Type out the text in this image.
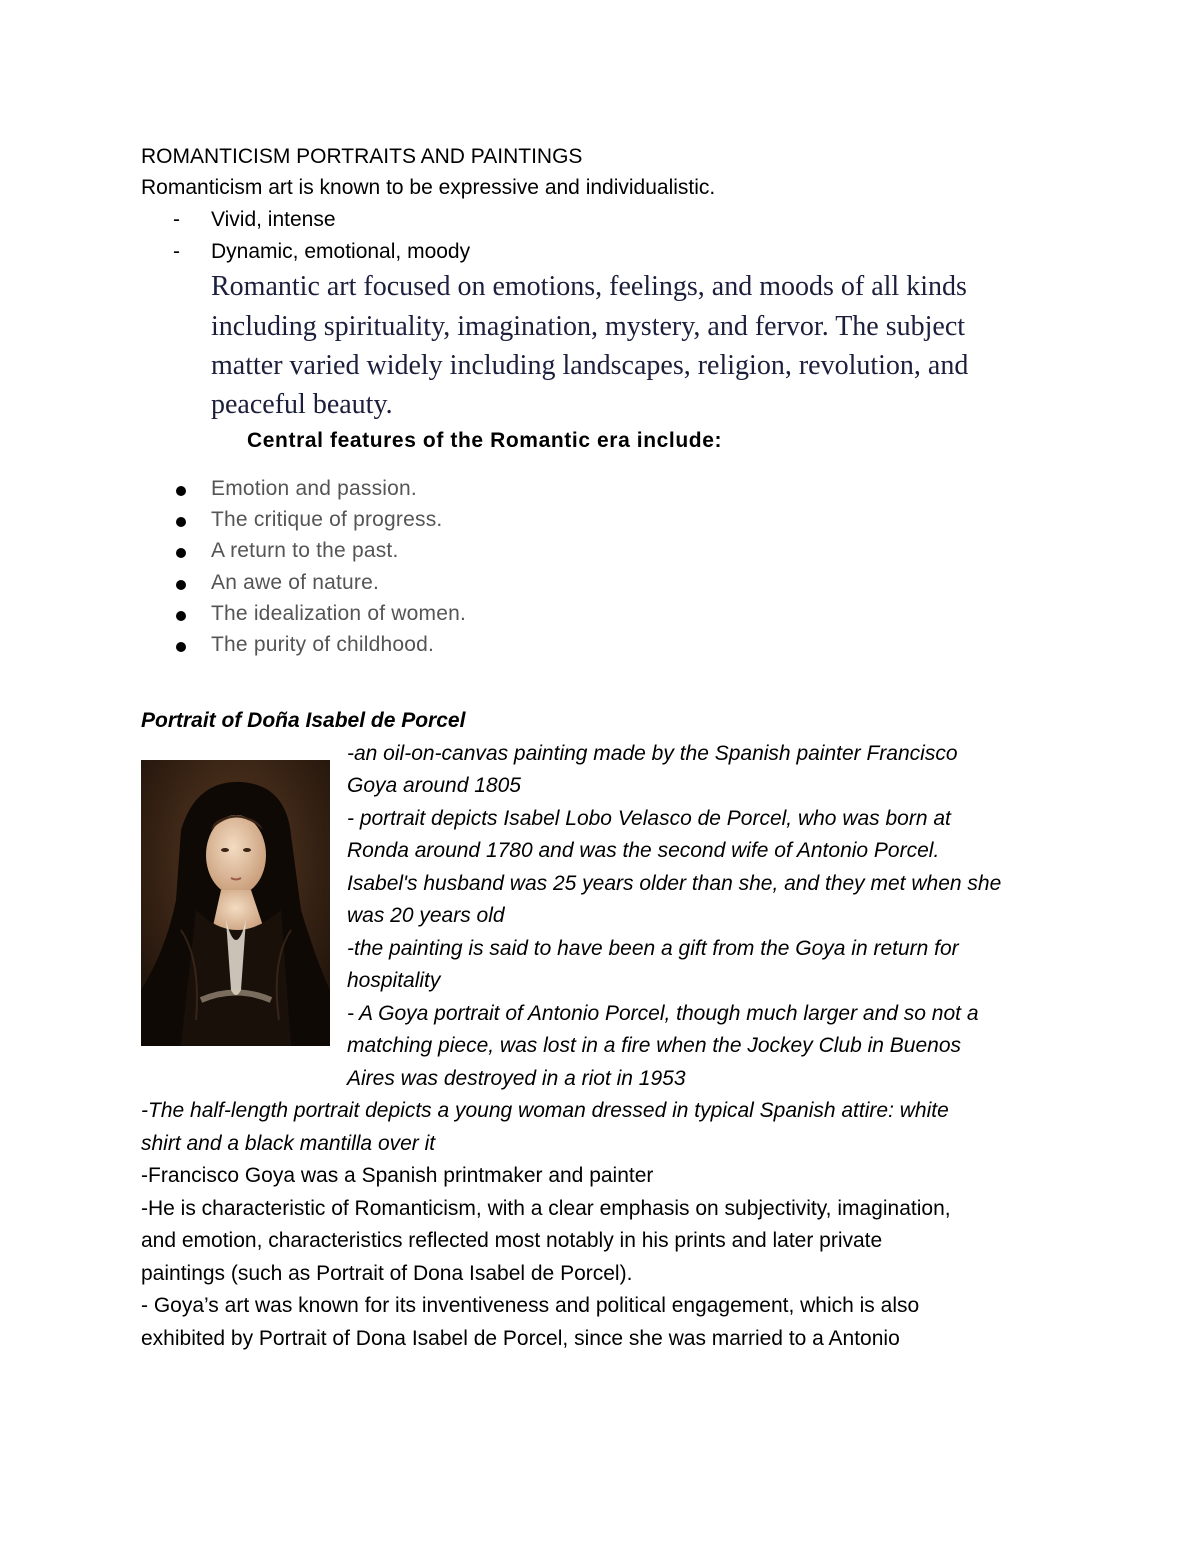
ROMANTICISM PORTRAITS AND PAINTINGS
Romanticism art is known to be expressive and individualistic.
- Vivid, intense
- Dynamic, emotional, moody
Romantic art focused on emotions, feelings, and moods of all kinds
including spirituality, imagination, mystery, and fervor. The subject
matter varied widely including landscapes, religion, revolution, and
peaceful beauty.
Central features of the Romantic era include:
Emotion and passion.
The critique of progress.
A return to the past.
An awe of nature.
The idealization of women.
The purity of childhood.
Portrait of Doña Isabel de Porcel
-an oil-on-canvas painting made by the Spanish painter Francisco
Goya around 1805
- portrait depicts Isabel Lobo Velasco de Porcel, who was born at
Ronda around 1780 and was the second wife of Antonio Porcel.
Isabel's husband was 25 years older than she, and they met when she
was 20 years old
-the painting is said to have been a gift from the Goya in return for
hospitality
- A Goya portrait of Antonio Porcel, though much larger and so not a
matching piece, was lost in a fire when the Jockey Club in Buenos
Aires was destroyed in a riot in 1953
-The half-length portrait depicts a young woman dressed in typical Spanish attire: white
shirt and a black mantilla over it
-Francisco Goya was a Spanish printmaker and painter
-He is characteristic of Romanticism, with a clear emphasis on subjectivity, imagination,
and emotion, characteristics reflected most notably in his prints and later private
paintings (such as Portrait of Dona Isabel de Porcel).
- Goya’s art was known for its inventiveness and political engagement, which is also
exhibited by Portrait of Dona Isabel de Porcel, since she was married to a Antonio
